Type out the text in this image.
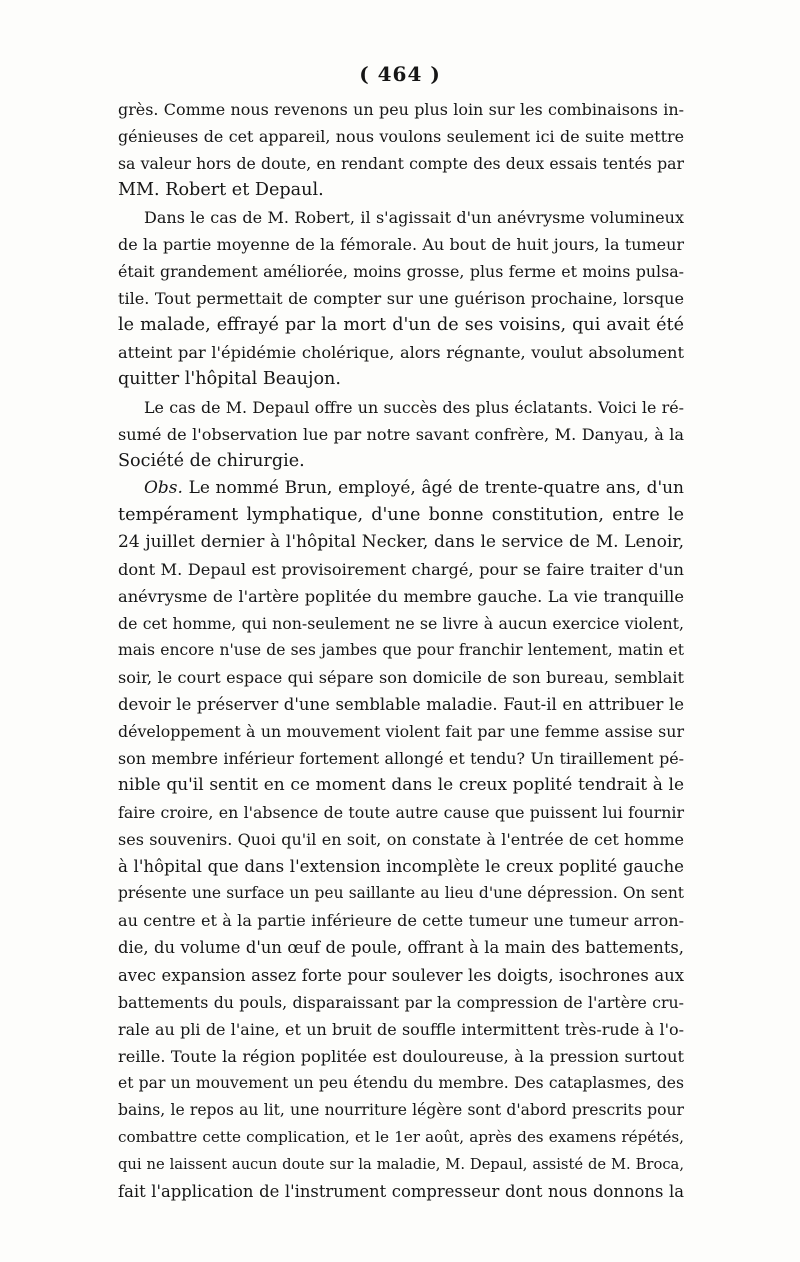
( 464 )
grès. Comme nous revenons un peu plus loin sur les combinaisons in-
génieuses de cet appareil, nous voulons seulement ici de suite mettre
sa valeur hors de doute, en rendant compte des deux essais tentés par
MM. Robert et Depaul.
Dans le cas de M. Robert, il s'agissait d'un anévrysme volumineux
de la partie moyenne de la fémorale. Au bout de huit jours, la tumeur
était grandement améliorée, moins grosse, plus ferme et moins pulsa-
tile. Tout permettait de compter sur une guérison prochaine, lorsque
le malade, effrayé par la mort d'un de ses voisins, qui avait été
atteint par l'épidémie cholérique, alors régnante, voulut absolument
quitter l'hôpital Beaujon.
Le cas de M. Depaul offre un succès des plus éclatants. Voici le ré-
sumé de l'observation lue par notre savant confrère, M. Danyau, à la
Société de chirurgie.
Obs. Le nommé Brun, employé, âgé de trente-quatre ans, d'un
tempérament lymphatique, d'une bonne constitution, entre le
24 juillet dernier à l'hôpital Necker, dans le service de M. Lenoir,
dont M. Depaul est provisoirement chargé, pour se faire traiter d'un
anévrysme de l'artère poplitée du membre gauche. La vie tranquille
de cet homme, qui non-seulement ne se livre à aucun exercice violent,
mais encore n'use de ses jambes que pour franchir lentement, matin et
soir, le court espace qui sépare son domicile de son bureau, semblait
devoir le préserver d'une semblable maladie. Faut-il en attribuer le
développement à un mouvement violent fait par une femme assise sur
son membre inférieur fortement allongé et tendu? Un tiraillement pé-
nible qu'il sentit en ce moment dans le creux poplité tendrait à le
faire croire, en l'absence de toute autre cause que puissent lui fournir
ses souvenirs. Quoi qu'il en soit, on constate à l'entrée de cet homme
à l'hôpital que dans l'extension incomplète le creux poplité gauche
présente une surface un peu saillante au lieu d'une dépression. On sent
au centre et à la partie inférieure de cette tumeur une tumeur arron-
die, du volume d'un œuf de poule, offrant à la main des battements,
avec expansion assez forte pour soulever les doigts, isochrones aux
battements du pouls, disparaissant par la compression de l'artère cru-
rale au pli de l'aine, et un bruit de souffle intermittent très-rude à l'o-
reille. Toute la région poplitée est douloureuse, à la pression surtout
et par un mouvement un peu étendu du membre. Des cataplasmes, des
bains, le repos au lit, une nourriture légère sont d'abord prescrits pour
combattre cette complication, et le 1er août, après des examens répétés,
qui ne laissent aucun doute sur la maladie, M. Depaul, assisté de M. Broca,
fait l'application de l'instrument compresseur dont nous donnons la
